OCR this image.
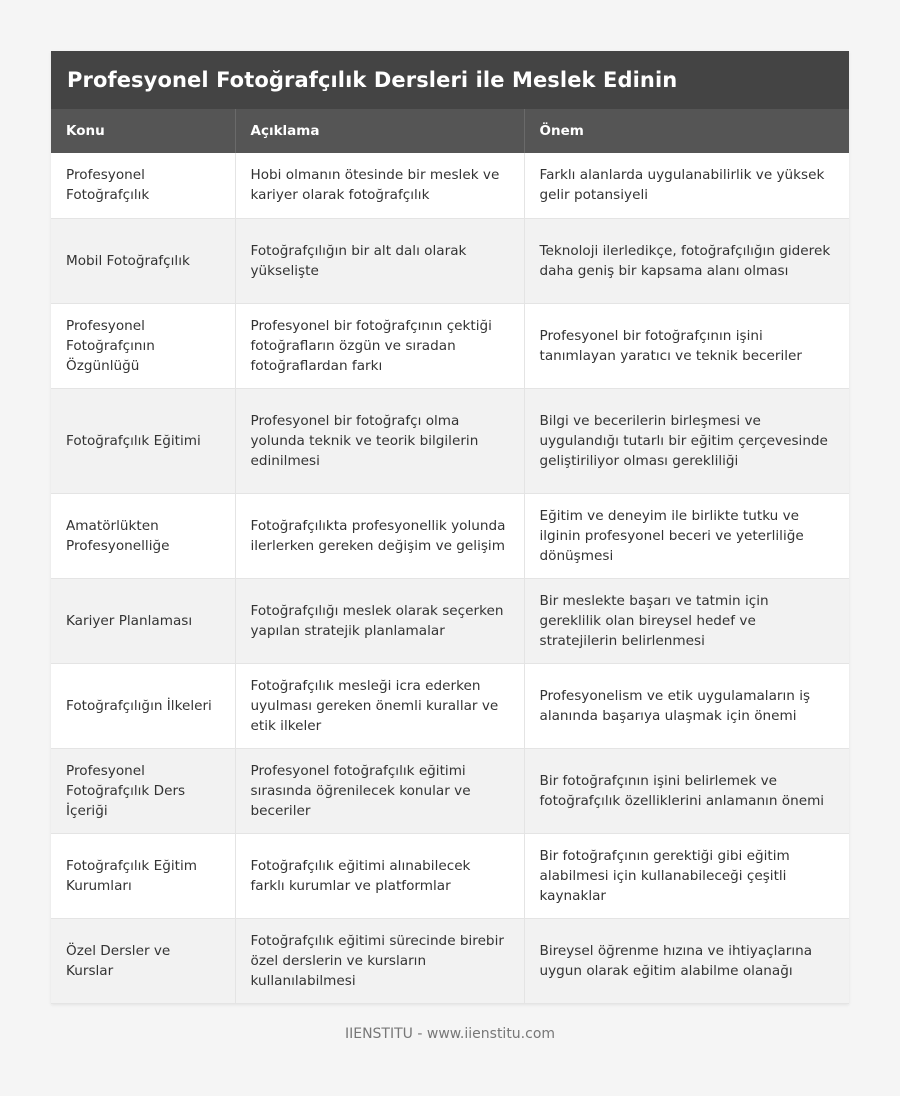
Profesyonel Fotoğrafçılık Dersleri ile Meslek Edinin
Konu	Açıklama	Önem
Profesyonel Fotoğrafçılık	Hobi olmanın ötesinde bir meslek ve kariyer olarak fotoğrafçılık	Farklı alanlarda uygulanabilirlik ve yüksek gelir potansiyeli
Mobil Fotoğrafçılık	Fotoğrafçılığın bir alt dalı olarak yükselişte	Teknoloji ilerledikçe, fotoğrafçılığın giderek daha geniş bir kapsama alanı olması
Profesyonel Fotoğrafçının Özgünlüğü	Profesyonel bir fotoğrafçının çektiği fotoğrafların özgün ve sıradan fotoğraflardan farkı	Profesyonel bir fotoğrafçının işini tanımlayan yaratıcı ve teknik beceriler
Fotoğrafçılık Eğitimi	Profesyonel bir fotoğrafçı olma yolunda teknik ve teorik bilgilerin edinilmesi	Bilgi ve becerilerin birleşmesi ve uygulandığı tutarlı bir eğitim çerçevesinde geliştiriliyor olması gerekliliği
Amatörlükten Profesyonelliğe	Fotoğrafçılıkta profesyonellik yolunda ilerlerken gereken değişim ve gelişim	Eğitim ve deneyim ile birlikte tutku ve ilginin profesyonel beceri ve yeterliliğe dönüşmesi
Kariyer Planlaması	Fotoğrafçılığı meslek olarak seçerken yapılan stratejik planlamalar	Bir meslekte başarı ve tatmin için gereklilik olan bireysel hedef ve stratejilerin belirlenmesi
Fotoğrafçılığın İlkeleri	Fotoğrafçılık mesleği icra ederken uyulması gereken önemli kurallar ve etik ilkeler	Profesyonelism ve etik uygulamaların iş alanında başarıya ulaşmak için önemi
Profesyonel Fotoğrafçılık Ders İçeriği	Profesyonel fotoğrafçılık eğitimi sırasında öğrenilecek konular ve beceriler	Bir fotoğrafçının işini belirlemek ve fotoğrafçılık özelliklerini anlamanın önemi
Fotoğrafçılık Eğitim Kurumları	Fotoğrafçılık eğitimi alınabilecek farklı kurumlar ve platformlar	Bir fotoğrafçının gerektiği gibi eğitim alabilmesi için kullanabileceği çeşitli kaynaklar
Özel Dersler ve Kurslar	Fotoğrafçılık eğitimi sürecinde birebir özel derslerin ve kursların kullanılabilmesi	Bireysel öğrenme hızına ve ihtiyaçlarına uygun olarak eğitim alabilme olanağı
IIENSTITU - www.iienstitu.com
